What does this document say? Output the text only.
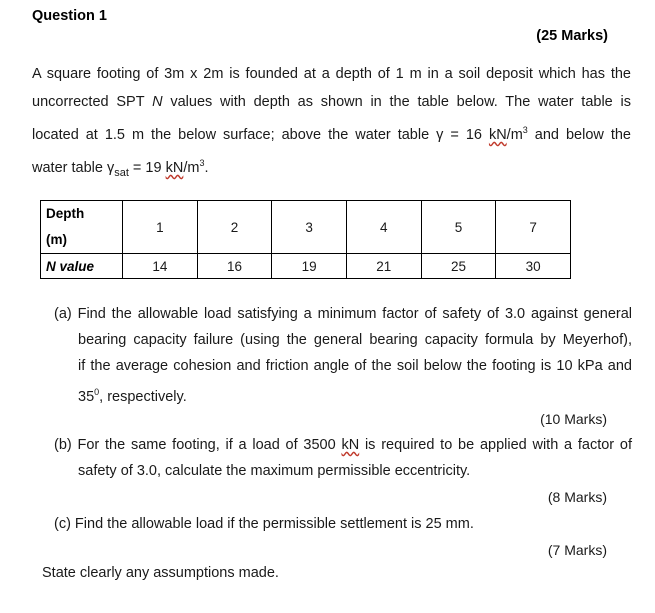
Question 1
(25 Marks)
A square footing of 3m x 2m is founded at a depth of 1 m in a soil deposit which has the
uncorrected SPT N values with depth as shown in the table below. The water table is
located at 1.5 m the below surface; above the water table γ = 16 $kN/m^3$ and below the
water table $\gamma_{sat} = 19$ $kN/m^3$.
Depth
(m)	1	2	3	4	5	7
N value	14	16	19	21	25	30
(a) Find the allowable load satisfying a minimum factor of safety of 3.0 against general
bearing capacity failure (using the general bearing capacity formula by Meyerhof),
if the average cohesion and friction angle of the soil below the footing is 10 kPa and
$35^0$, respectively.
(10 Marks)
(b) For the same footing, if a load of 3500 kN is required to be applied with a factor of
safety of 3.0, calculate the maximum permissible eccentricity.
(8 Marks)
(c) Find the allowable load if the permissible settlement is 25 mm.
(7 Marks)
State clearly any assumptions made.
